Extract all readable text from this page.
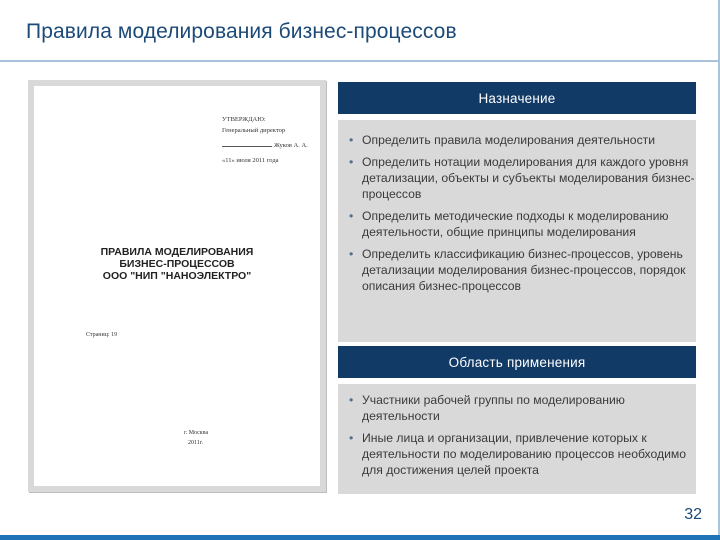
Правила моделирования бизнес-процессов
УТВЕРЖДАЮ:
Генеральный директор
Жуков А. А.
«11» июля 2011 года
ПРАВИЛА МОДЕЛИРОВАНИЯ
БИЗНЕС-ПРОЦЕССОВ
ООО "НИП "НАНОЭЛЕКТРО"
Страниц: 19
г. Москва
2011г.
Назначение
• Определить правила моделирования деятельности
• Определить нотации моделирования для каждого уровня детализации, объекты и субъекты моделирования бизнес-процессов
• Определить методические подходы к моделированию деятельности, общие принципы моделирования
• Определить классификацию бизнес-процессов, уровень детализации моделирования бизнес-процессов, порядок описания бизнес-процессов
Область применения
• Участники рабочей группы по моделированию деятельности
• Иные лица и организации, привлечение которых к деятельности по моделированию процессов необходимо для достижения целей проекта
32
